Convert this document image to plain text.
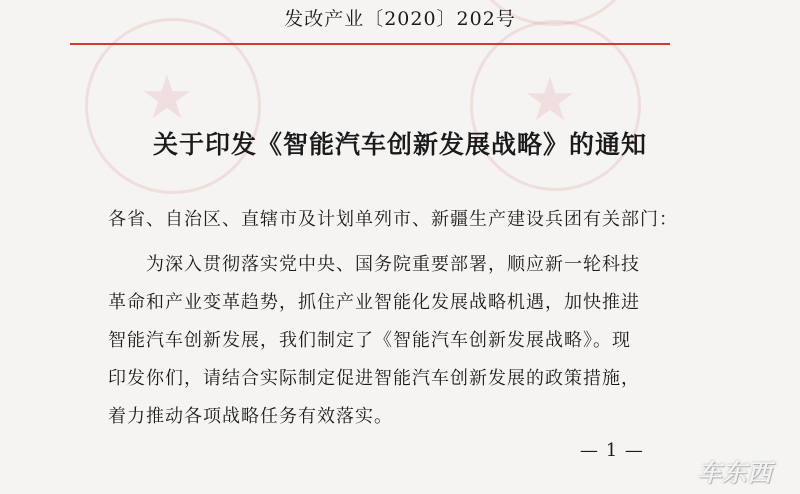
★	★
发改产业〔2020〕202号
关于印发《智能汽车创新发展战略》的通知
各省、自治区、直辖市及计划单列市、新疆生产建设兵团有关部门：
为深入贯彻落实党中央、国务院重要部署，顺应新一轮科技
革命和产业变革趋势，抓住产业智能化发展战略机遇，加快推进
智能汽车创新发展，我们制定了《智能汽车创新发展战略》。现
印发你们，请结合实际制定促进智能汽车创新发展的政策措施，
着力推动各项战略任务有效落实。
— 1 —
车东西
